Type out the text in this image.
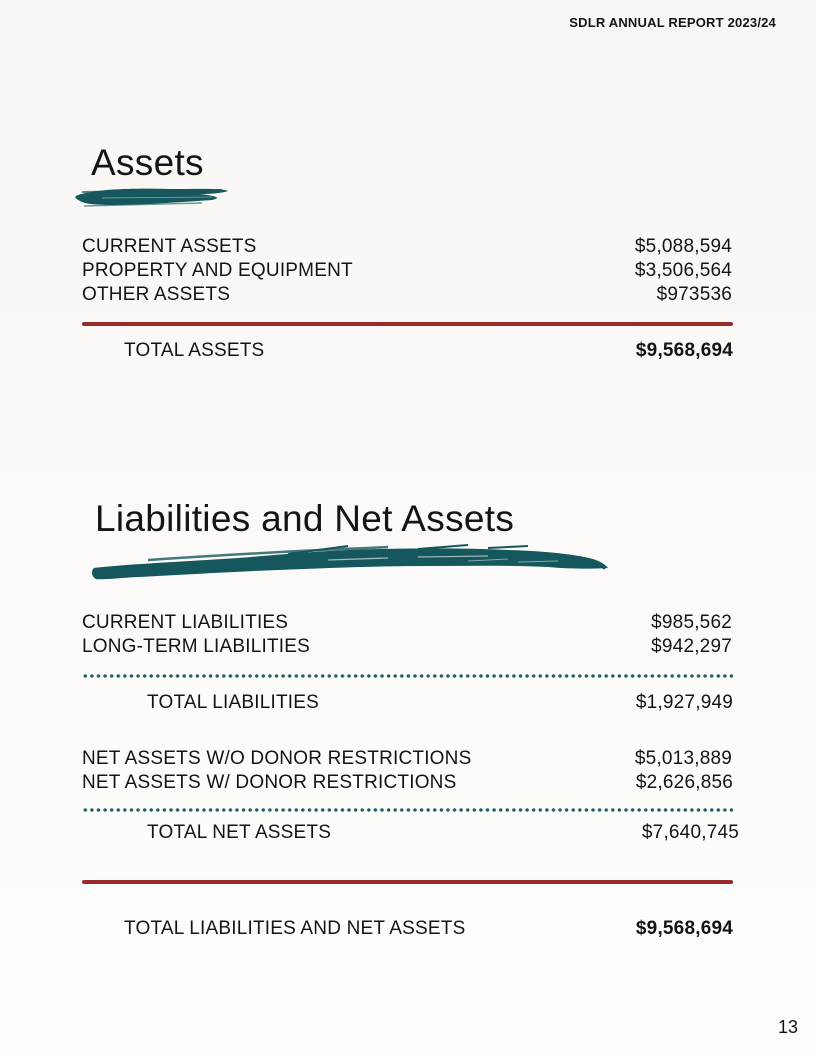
SDLR ANNUAL REPORT 2023/24
Assets
CURRENT ASSETS	$5,088,594
PROPERTY AND EQUIPMENT	$3,506,564
OTHER ASSETS	$973536
TOTAL ASSETS	$9,568,694
Liabilities and Net Assets
CURRENT LIABILITIES	$985,562
LONG-TERM LIABILITIES	$942,297
TOTAL LIABILITIES	$1,927,949
NET ASSETS W/O DONOR RESTRICTIONS	$5,013,889
NET ASSETS W/ DONOR RESTRICTIONS	$2,626,856
TOTAL NET ASSETS	$7,640,745
TOTAL LIABILITIES AND NET ASSETS	$9,568,694
13
